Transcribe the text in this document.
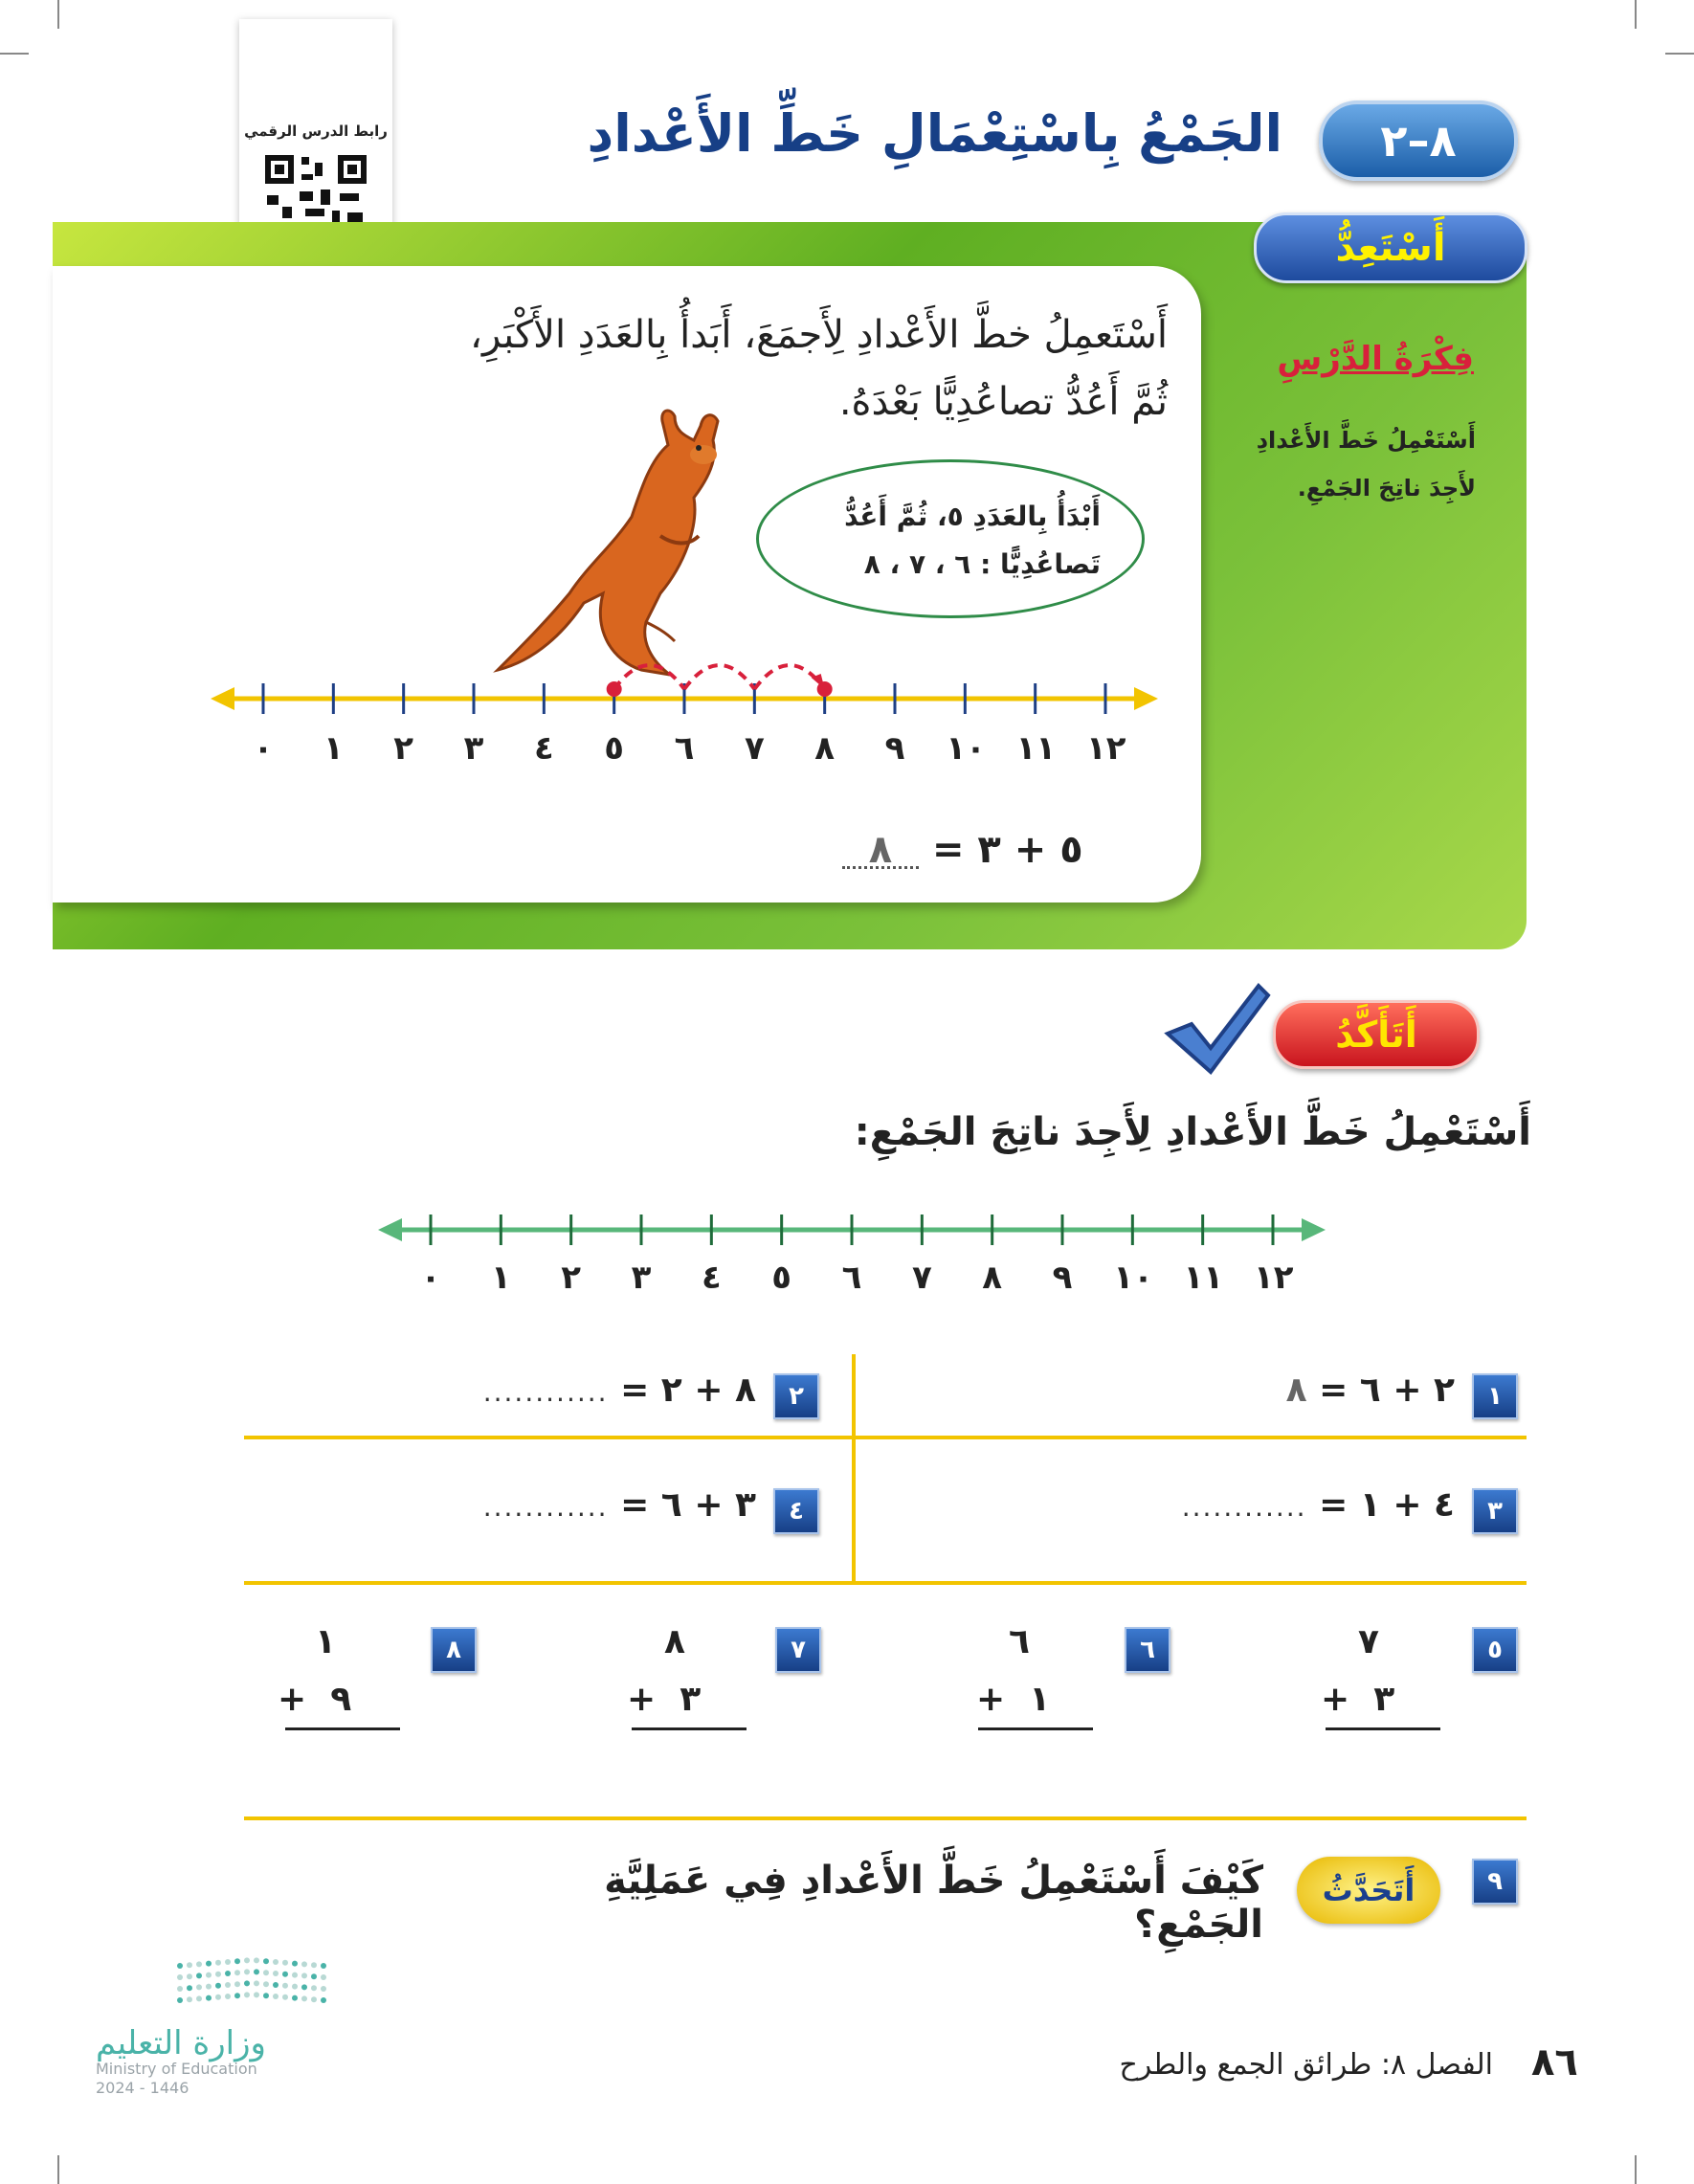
رابط الدرس الرقمي	الجَمْعُ بِاسْتِعْمَالِ خَطِّ الأَعْدادِ	٨–٢
أَسْتَعِدُّ
فِكْرَةُ الدَّرْسِ
أَسْتَعْمِلُ خَطَّ الأَعْدادِ
لأَجِدَ ناتِجَ الجَمْعِ.
أَسْتَعمِلُ خطَّ الأَعْدادِ لِأَجمَعَ، أَبَدأُ بِالعَدَدِ الأَكْبَرِ،
ثُمَّ أَعُدُّ تصاعُدِيًّا بَعْدَهُ.
أَبْدَأُ بِالعَدَدِ ٥، ثُمَّ أَعُدُّ
تَصاعُدِيًّا : ٦ ، ٧ ، ٨
٠ ١ ٢ ٣ ٤ ٥ ٦ ٧ ٨ ٩ ١٠ ١١ ١٢
٨ ٥ + ٣ =
أَتَأَكَّدُ
أَسْتَعْمِلُ خَطَّ الأَعْدادِ لِأَجِدَ ناتِجَ الجَمْعِ:
٠ ١ ٢ ٣ ٤ ٥ ٦ ٧ ٨ ٩ ١٠ ١١ ١٢
١
٨ ٢ + ٦ =
٢
............ ٨ + ٢ =
٣
............ ٤ + ١ =
٤
............ ٣ + ٦ =
٥
٧
+ ٣
٦
٦
+ ١
٧
٨
+ ٣
٨
١
+ ٩
٩
أَتَحَدَّثُ
كَيْفَ أَسْتَعْمِلُ خَطَّ الأَعْدادِ فِي عَمَلِيَّةِ الجَمْعِ؟
وزارة التعليم
Ministry of Education
2024 - 1446
الفصل ٨: طرائق الجمع والطرح ٨٦
